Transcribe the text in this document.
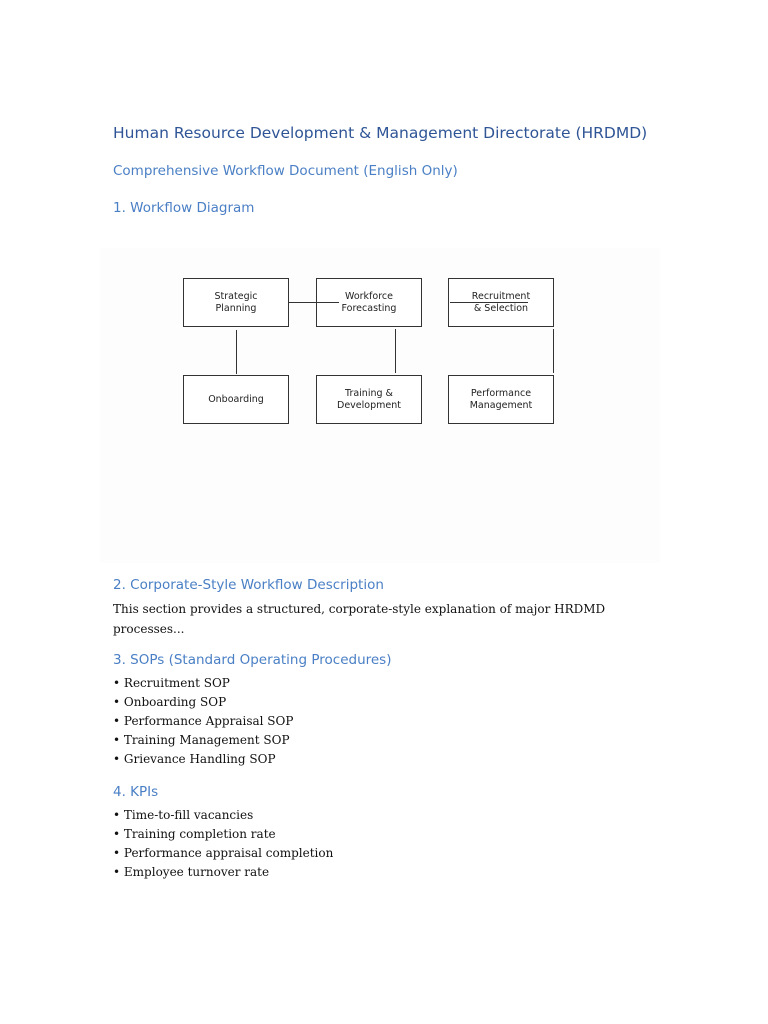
Human Resource Development & Management Directorate (HRDMD)
Comprehensive Workflow Document (English Only)
1. Workflow Diagram
Strategic
Planning
Workforce
Forecasting
Recruitment
& Selection
Onboarding
Training &
Development
Performance
Management
2. Corporate-Style Workflow Description

This section provides a structured, corporate-style explanation of major HRDMD processes...

3. SOPs (Standard Operating Procedures)
• Recruitment SOP
• Onboarding SOP
• Performance Appraisal SOP
• Training Management SOP
• Grievance Handling SOP
4. KPIs
• Time-to-fill vacancies
• Training completion rate
• Performance appraisal completion
• Employee turnover rate
